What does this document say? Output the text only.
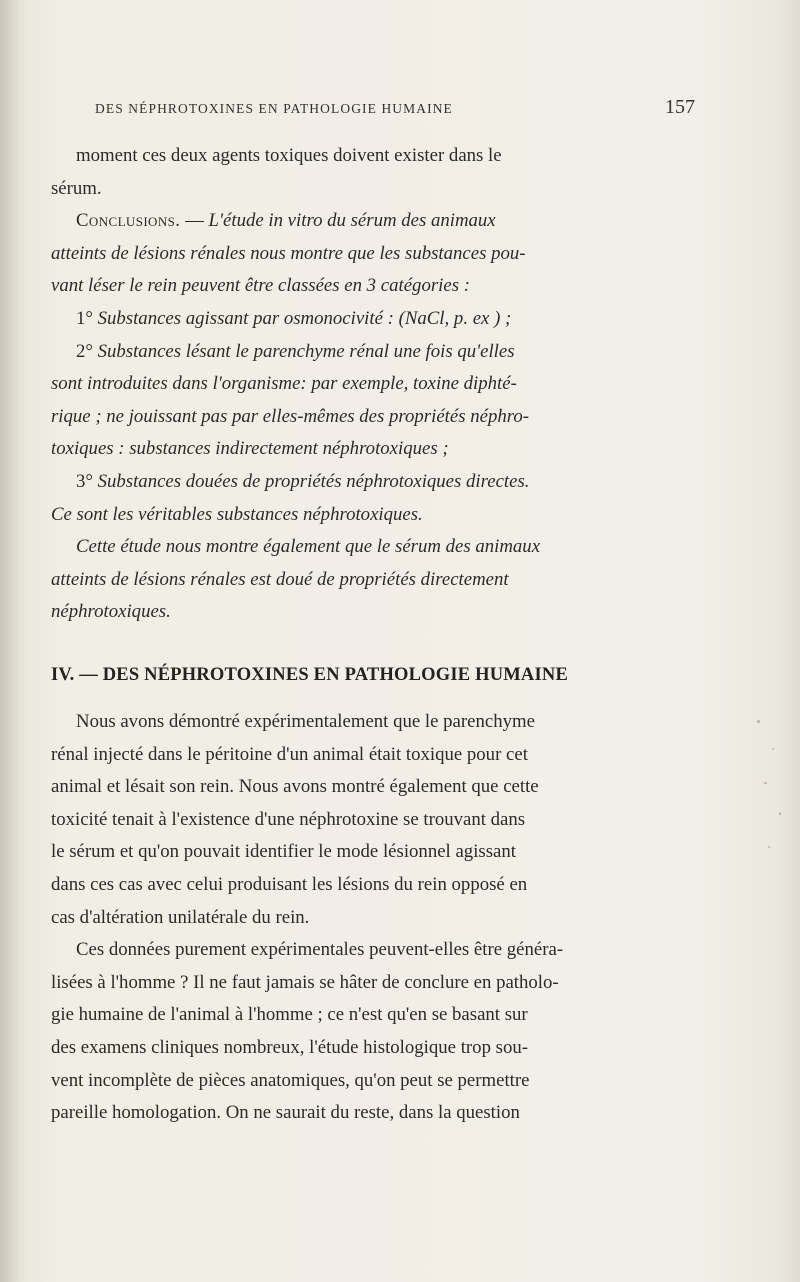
DES NÉPHROTOXINES EN PATHOLOGIE HUMAINE	157
moment ces deux agents toxiques doivent exister dans le
sérum.
Conclusions. — L'étude in vitro du sérum des animaux
atteints de lésions rénales nous montre que les substances pou-
vant léser le rein peuvent être classées en 3 catégories :
1° Substances agissant par osmonocivité : (NaCl, p. ex ) ;
2° Substances lésant le parenchyme rénal une fois qu'elles
sont introduites dans l'organisme: par exemple, toxine diphté-
rique ; ne jouissant pas par elles-mêmes des propriétés néphro-
toxiques : substances indirectement néphrotoxiques ;
3° Substances douées de propriétés néphrotoxiques directes.
Ce sont les véritables substances néphrotoxiques.
Cette étude nous montre également que le sérum des animaux
atteints de lésions rénales est doué de propriétés directement
néphrotoxiques.
IV. — DES NÉPHROTOXINES EN PATHOLOGIE HUMAINE
Nous avons démontré expérimentalement que le parenchyme
rénal injecté dans le péritoine d'un animal était toxique pour cet
animal et lésait son rein. Nous avons montré également que cette
toxicité tenait à l'existence d'une néphrotoxine se trouvant dans
le sérum et qu'on pouvait identifier le mode lésionnel agissant
dans ces cas avec celui produisant les lésions du rein opposé en
cas d'altération unilatérale du rein.
Ces données purement expérimentales peuvent-elles être généra-
lisées à l'homme ? Il ne faut jamais se hâter de conclure en patholo-
gie humaine de l'animal à l'homme ; ce n'est qu'en se basant sur
des examens cliniques nombreux, l'étude histologique trop sou-
vent incomplète de pièces anatomiques, qu'on peut se permettre
pareille homologation. On ne saurait du reste, dans la question
